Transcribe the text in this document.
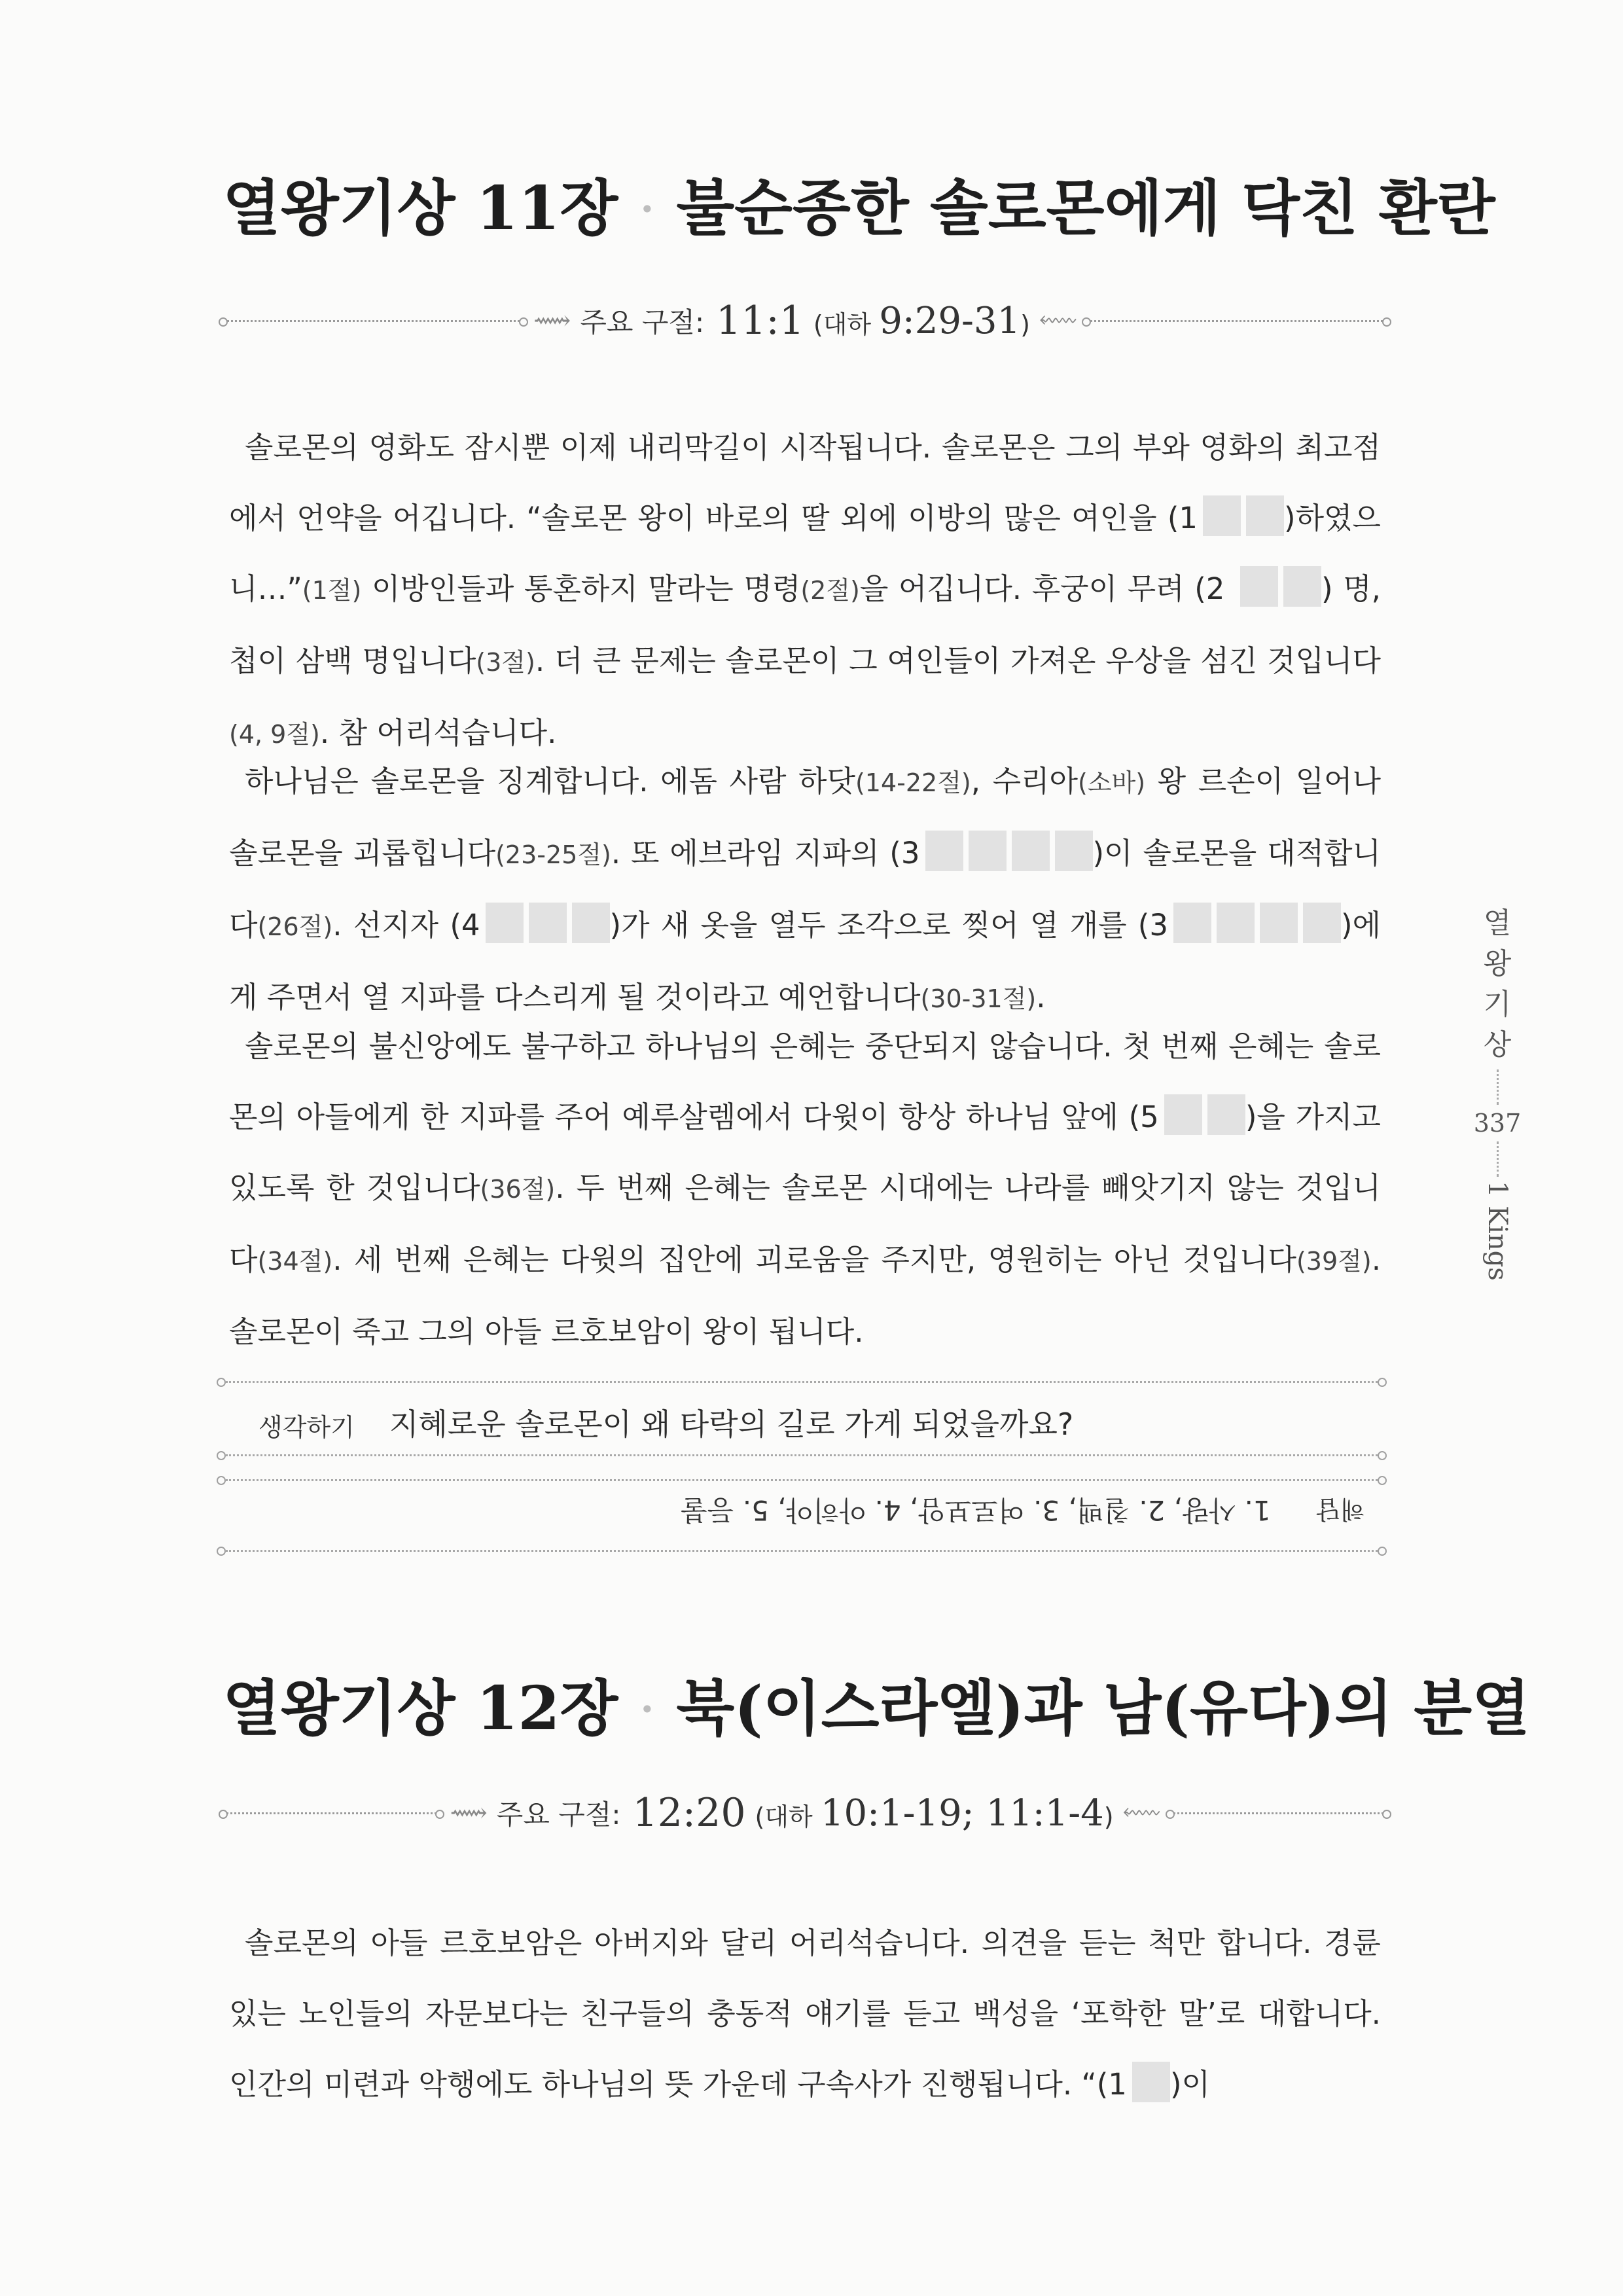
열왕기상 11장 · 불순종한 솔로몬에게 닥친 환란
⟿ 주요 구절: 11:1 (대하 9:29-31) ⬳

솔로몬의 영화도 잠시뿐 이제 내리막길이 시작됩니다. 솔로몬은 그의 부와 영화의 최고점에서 언약을 어깁니다. “솔로몬 왕이 바로의 딸 외에 이방의 많은 여인을 (1	)하였으니…”(1절) 이방인들과 통혼하지 말라는 명령(2절)을 어깁니다. 후궁이 무려 (2	) 명, 첩이 삼백 명입니다(3절). 더 큰 문제는 솔로몬이 그 여인들이 가져온 우상을 섬긴 것입니다(4, 9절). 참 어리석습니다.

하나님은 솔로몬을 징계합니다. 에돔 사람 하닷(14-22절), 수리아(소바) 왕 르손이 일어나 솔로몬을 괴롭힙니다(23-25절). 또 에브라임 지파의 (3	)이 솔로몬을 대적합니다(26절). 선지자 (4	)가 새 옷을 열두 조각으로 찢어 열 개를 (3	)에게 주면서 열 지파를 다스리게 될 것이라고 예언합니다(30-31절).

솔로몬의 불신앙에도 불구하고 하나님의 은혜는 중단되지 않습니다. 첫 번째 은혜는 솔로몬의 아들에게 한 지파를 주어 예루살렘에서 다윗이 항상 하나님 앞에 (5	)을 가지고 있도록 한 것입니다(36절). 두 번째 은혜는 솔로몬 시대에는 나라를 빼앗기지 않는 것입니다(34절). 세 번째 은혜는 다윗의 집안에 괴로움을 주지만, 영원히는 아닌 것입니다(39절). 솔로몬이 죽고 그의 아들 르호보암이 왕이 됩니다.

생각하기 지혜로운 솔로몬이 왜 타락의 길로 가게 되었을까요?
해답1. 사랑, 2. 칠백, 3. 여로보암, 4. 아히야, 5. 등불
열
왕
기
상
337
1 Kings
열왕기상 12장 · 북(이스라엘)과 남(유다)의 분열
⟿ 주요 구절: 12:20 (대하 10:1-19; 11:1-4) ⬳

솔로몬의 아들 르호보암은 아버지와 달리 어리석습니다. 의견을 듣는 척만 합니다. 경륜 있는 노인들의 자문보다는 친구들의 충동적 얘기를 듣고 백성을 ‘포학한 말’로 대합니다. 인간의 미련과 악행에도 하나님의 뜻 가운데 구속사가 진행됩니다. “(1 )이
